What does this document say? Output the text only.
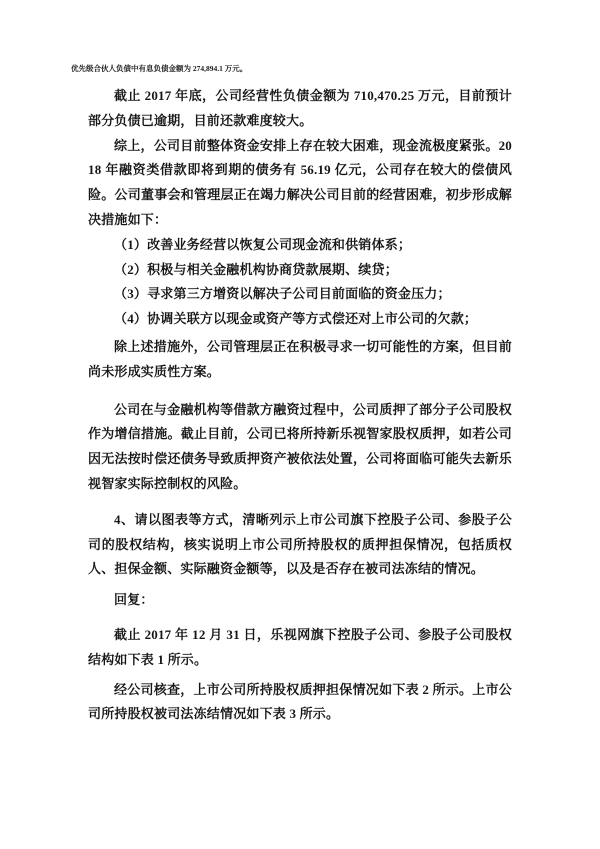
优先级合伙人负债中有息负债金额为 274,894.1 万元。

截止 2017 年底，公司经营性负债金额为 710,470.25 万元，目前预计部分负债已逾期，目前还款难度较大。

综上，公司目前整体资金安排上存在较大困难，现金流极度紧张。2018 年融资类借款即将到期的债务有 56.19 亿元，公司存在较大的偿债风险。公司董事会和管理层正在竭力解决公司目前的经营困难，初步形成解决措施如下：

（1）改善业务经营以恢复公司现金流和供销体系；

（2）积极与相关金融机构协商贷款展期、续贷；

（3）寻求第三方增资以解决子公司目前面临的资金压力；

（4）协调关联方以现金或资产等方式偿还对上市公司的欠款；

除上述措施外，公司管理层正在积极寻求一切可能性的方案，但目前尚未形成实质性方案。

公司在与金融机构等借款方融资过程中，公司质押了部分子公司股权作为增信措施。截止目前，公司已将所持新乐视智家股权质押，如若公司因无法按时偿还债务导致质押资产被依法处置，公司将面临可能失去新乐视智家实际控制权的风险。

4、请以图表等方式，清晰列示上市公司旗下控股子公司、参股子公司的股权结构，核实说明上市公司所持股权的质押担保情况，包括质权人、担保金额、实际融资金额等，以及是否存在被司法冻结的情况。

回复：

截止 2017 年 12 月 31 日，乐视网旗下控股子公司、参股子公司股权结构如下表 1 所示。

经公司核查，上市公司所持股权质押担保情况如下表 2 所示。上市公司所持股权被司法冻结情况如下表 3 所示。
